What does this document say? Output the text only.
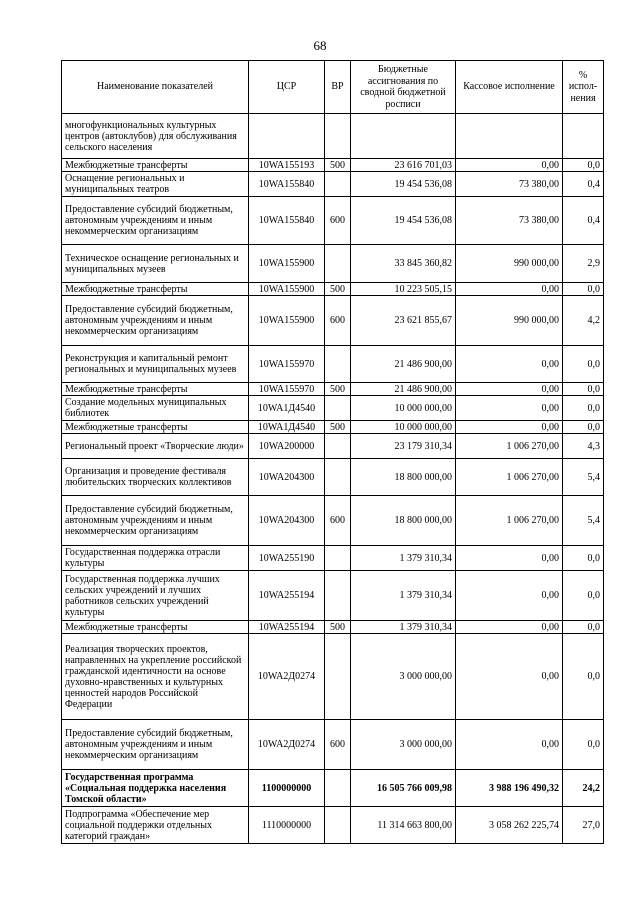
68
Наименование показателей	ЦСР	ВР	Бюджетные ассигнования по сводной бюджетной росписи	Кассовое исполнение	% испол-нения
многофункциональных культурных центров (автоклубов) для обслуживания сельского населения					
Межбюджетные трансферты	10WA155193	500	23 616 701,03	0,00	0,0
Оснащение региональных и муниципальных театров	10WA155840		19 454 536,08	73 380,00	0,4
Предоставление субсидий бюджетным, автономным учреждениям и иным некоммерческим организациям	10WA155840	600	19 454 536,08	73 380,00	0,4
Техническое оснащение региональных и муниципальных музеев	10WA155900		33 845 360,82	990 000,00	2,9
Межбюджетные трансферты	10WA155900	500	10 223 505,15	0,00	0,0
Предоставление субсидий бюджетным, автономным учреждениям и иным некоммерческим организациям	10WA155900	600	23 621 855,67	990 000,00	4,2
Реконструкция и капитальный ремонт региональных и муниципальных музеев	10WA155970		21 486 900,00	0,00	0,0
Межбюджетные трансферты	10WA155970	500	21 486 900,00	0,00	0,0
Создание модельных муниципальных библиотек	10WA1Д4540		10 000 000,00	0,00	0,0
Межбюджетные трансферты	10WA1Д4540	500	10 000 000,00	0,00	0,0
Региональный проект «Творческие люди»	10WA200000		23 179 310,34	1 006 270,00	4,3
Организация и проведение фестиваля любительских творческих коллективов	10WA204300		18 800 000,00	1 006 270,00	5,4
Предоставление субсидий бюджетным, автономным учреждениям и иным некоммерческим организациям	10WA204300	600	18 800 000,00	1 006 270,00	5,4
Государственная поддержка отрасли культуры	10WA255190		1 379 310,34	0,00	0,0
Государственная поддержка лучших сельских учреждений и лучших работников сельских учреждений культуры	10WA255194		1 379 310,34	0,00	0,0
Межбюджетные трансферты	10WA255194	500	1 379 310,34	0,00	0,0
Реализация творческих проектов, направленных на укрепление российской гражданской идентичности на основе духовно-нравственных и культурных ценностей народов Российской Федерации	10WA2Д0274		3 000 000,00	0,00	0,0
Предоставление субсидий бюджетным, автономным учреждениям и иным некоммерческим организациям	10WA2Д0274	600	3 000 000,00	0,00	0,0
Государственная программа «Социальная поддержка населения Томской области»	1100000000		16 505 766 009,98	3 988 196 490,32	24,2
Подпрограмма «Обеспечение мер социальной поддержки отдельных категорий граждан»	1110000000		11 314 663 800,00	3 058 262 225,74	27,0
